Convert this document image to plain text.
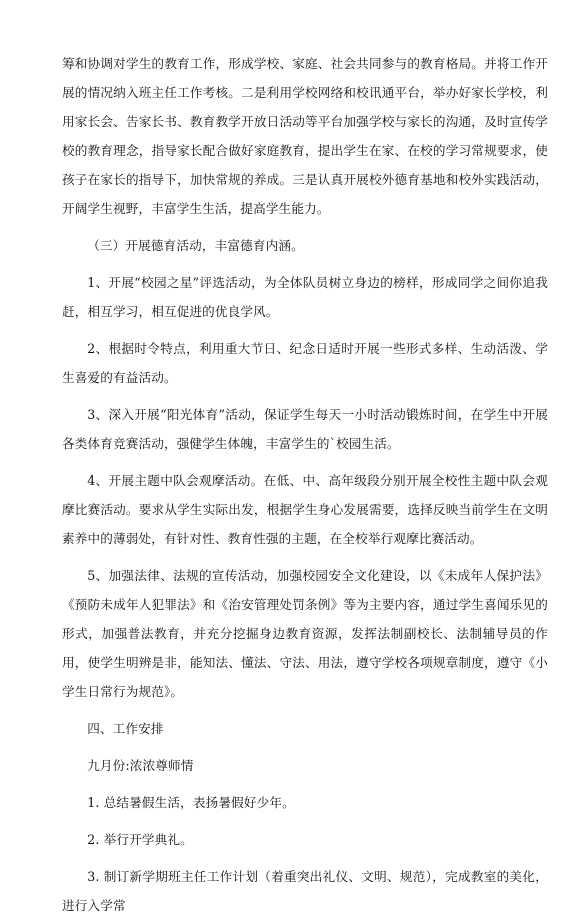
筹和协调对学生的教育工作，形成学校、家庭、社会共同参与的教育格局。并将工作开展的情况纳入班主任工作考核。二是利用学校网络和校讯通平台，举办好家长学校，利用家长会、告家长书、教育教学开放日活动等平台加强学校与家长的沟通，及时宣传学校的教育理念，指导家长配合做好家庭教育，提出学生在家、在校的学习常规要求，使孩子在家长的指导下，加快常规的养成。三是认真开展校外德育基地和校外实践活动，开阔学生视野，丰富学生生活，提高学生能力。

（三）开展德育活动，丰富德育内涵。

1、开展“校园之星”评选活动，为全体队员树立身边的榜样，形成同学之间你追我赶，相互学习，相互促进的优良学风。

2、根据时令特点，利用重大节日、纪念日适时开展一些形式多样、生动活泼、学生喜爱的有益活动。

3、深入开展“阳光体育”活动，保证学生每天一小时活动锻炼时间，在学生中开展各类体育竞赛活动，强健学生体魄，丰富学生的`校园生活。

4、开展主题中队会观摩活动。在低、中、高年级段分别开展全校性主题中队会观摩比赛活动。要求从学生实际出发，根据学生身心发展需要，选择反映当前学生在文明素养中的薄弱处，有针对性、教育性强的主题，在全校举行观摩比赛活动。

5、加强法律、法规的宣传活动，加强校园安全文化建设，以《未成年人保护法》《预防未成年人犯罪法》和《治安管理处罚条例》等为主要内容，通过学生喜闻乐见的形式，加强普法教育，并充分挖掘身边教育资源，发挥法制副校长、法制辅导员的作用，使学生明辨是非，能知法、懂法、守法、用法，遵守学校各项规章制度，遵守《小学生日常行为规范》。

四、工作安排

九月份:浓浓尊师情

1. 总结暑假生活，表扬暑假好少年。

2. 举行开学典礼。

3. 制订新学期班主任工作计划（着重突出礼仪、文明、规范），完成教室的美化，进行入学常
